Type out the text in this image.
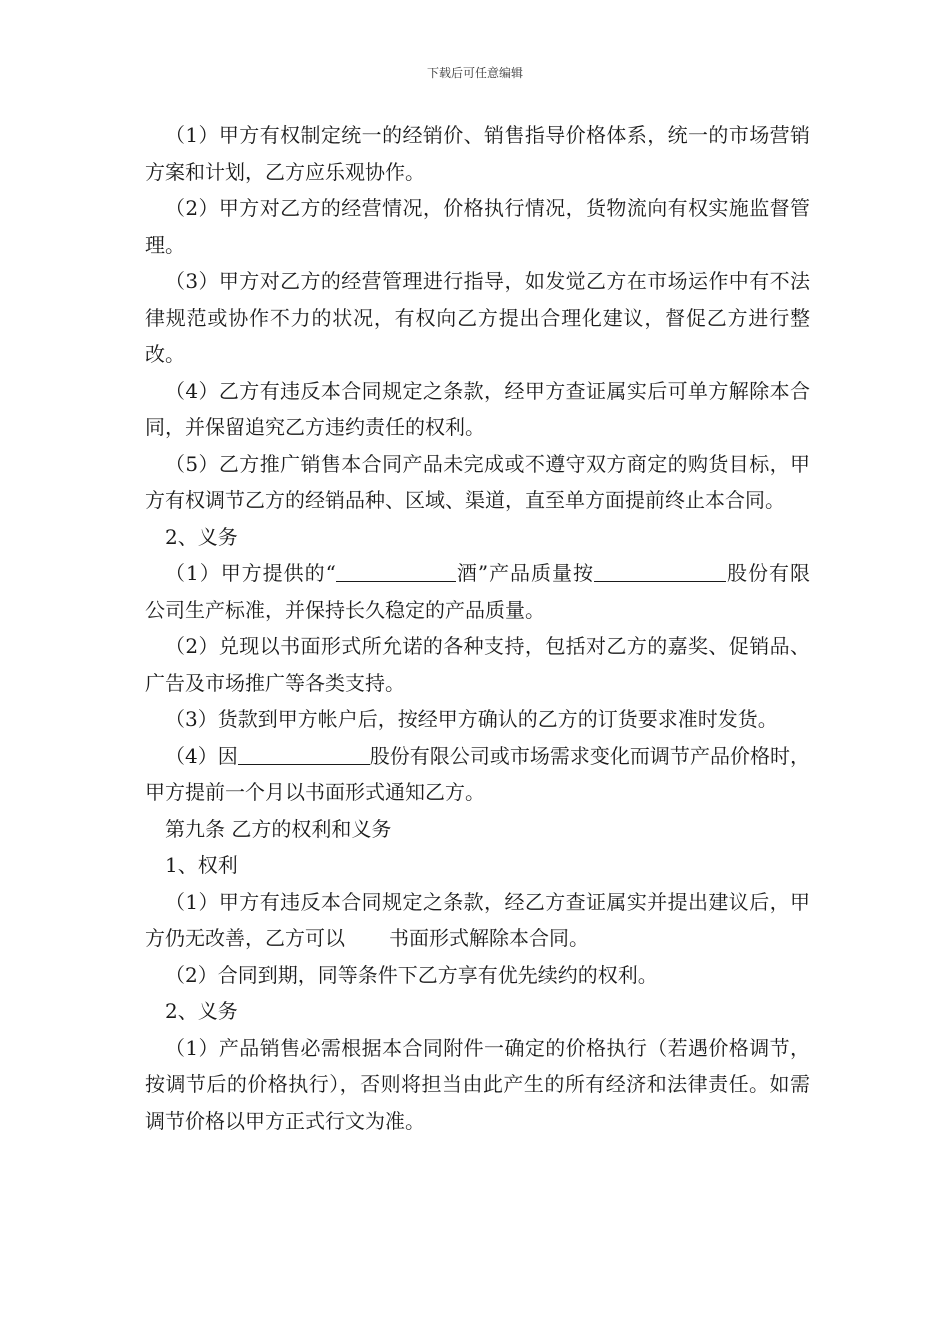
下载后可任意编辑

（1）甲方有权制定统一的经销价、销售指导价格体系，统一的市场营销方案和计划，乙方应乐观协作。

（2）甲方对乙方的经营情况，价格执行情况，货物流向有权实施监督管理。

（3）甲方对乙方的经营管理进行指导，如发觉乙方在市场运作中有不法律规范或协作不力的状况，有权向乙方提出合理化建议，督促乙方进行整改。

（4）乙方有违反本合同规定之条款，经甲方查证属实后可单方解除本合同，并保留追究乙方违约责任的权利。

（5）乙方推广销售本合同产品未完成或不遵守双方商定的购货目标，甲方有权调节乙方的经销品种、区域、渠道，直至单方面提前终止本合同。

2、义务

（1）甲方提供的“	酒”产品质量按	股份有限公司生产标准，并保持长久稳定的产品质量。

（2）兑现以书面形式所允诺的各种支持，包括对乙方的嘉奖、促销品、广告及市场推广等各类支持。

（3）货款到甲方帐户后，按经甲方确认的乙方的订货要求准时发货。

（4）因	股份有限公司或市场需求变化而调节产品价格时，甲方提前一个月以书面形式通知乙方。

第九条 乙方的权利和义务

1、权利

（1）甲方有违反本合同规定之条款，经乙方查证属实并提出建议后，甲方仍无改善，乙方可以 书面形式解除本合同。

（2）合同到期，同等条件下乙方享有优先续约的权利。

2、义务

（1）产品销售必需根据本合同附件一确定的价格执行（若遇价格调节，按调节后的价格执行），否则将担当由此产生的所有经济和法律责任。如需调节价格以甲方正式行文为准。
